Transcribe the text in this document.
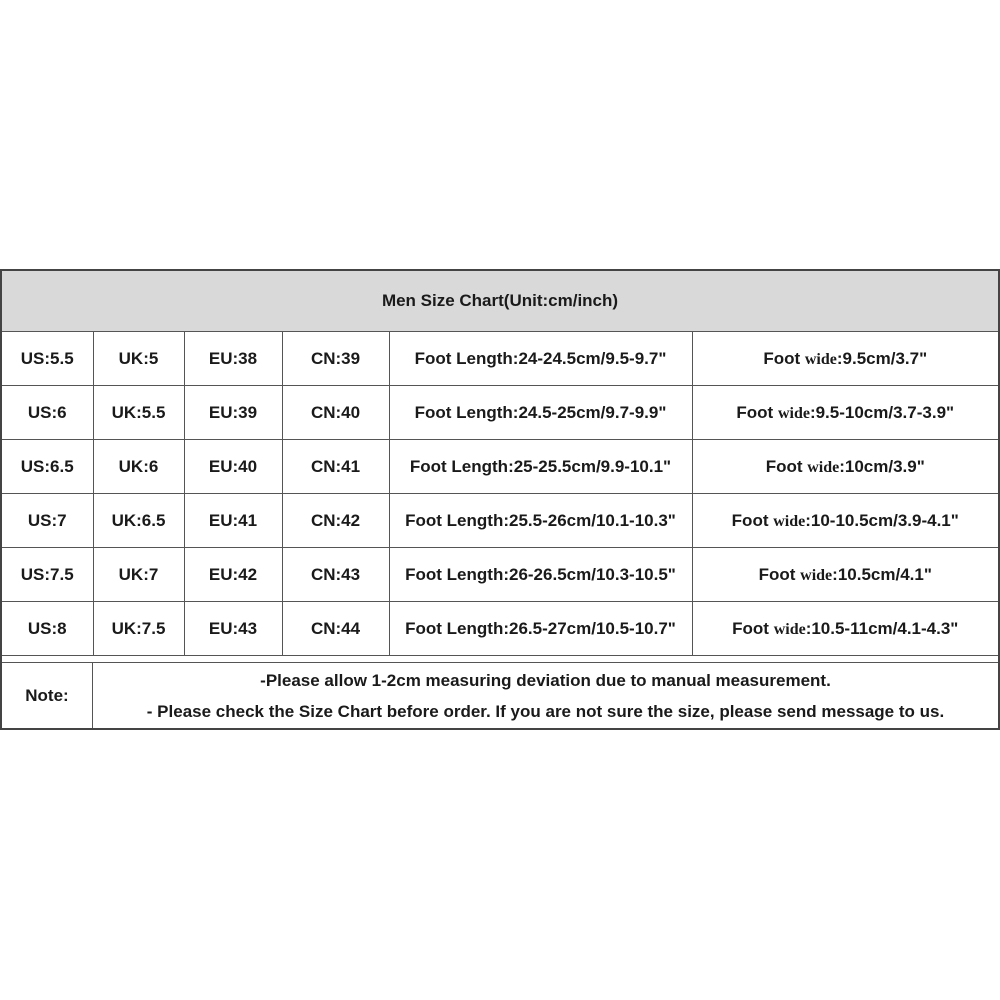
Men Size Chart(Unit:cm/inch)
US:5.5	UK:5	EU:38	CN:39	Foot Length:24-24.5cm/9.5-9.7"	Foot wide:9.5cm/3.7"
US:6	UK:5.5	EU:39	CN:40	Foot Length:24.5-25cm/9.7-9.9"	Foot wide:9.5-10cm/3.7-3.9"
US:6.5	UK:6	EU:40	CN:41	Foot Length:25-25.5cm/9.9-10.1"	Foot wide:10cm/3.9"
US:7	UK:6.5	EU:41	CN:42	Foot Length:25.5-26cm/10.1-10.3"	Foot wide:10-10.5cm/3.9-4.1"
US:7.5	UK:7	EU:42	CN:43	Foot Length:26-26.5cm/10.3-10.5"	Foot wide:10.5cm/4.1"
US:8	UK:7.5	EU:43	CN:44	Foot Length:26.5-27cm/10.5-10.7"	Foot wide:10.5-11cm/4.1-4.3"
Note:
-Please allow 1-2cm measuring deviation due to manual measurement.
- Please check the Size Chart before order. If you are not sure the size, please send message to us.
